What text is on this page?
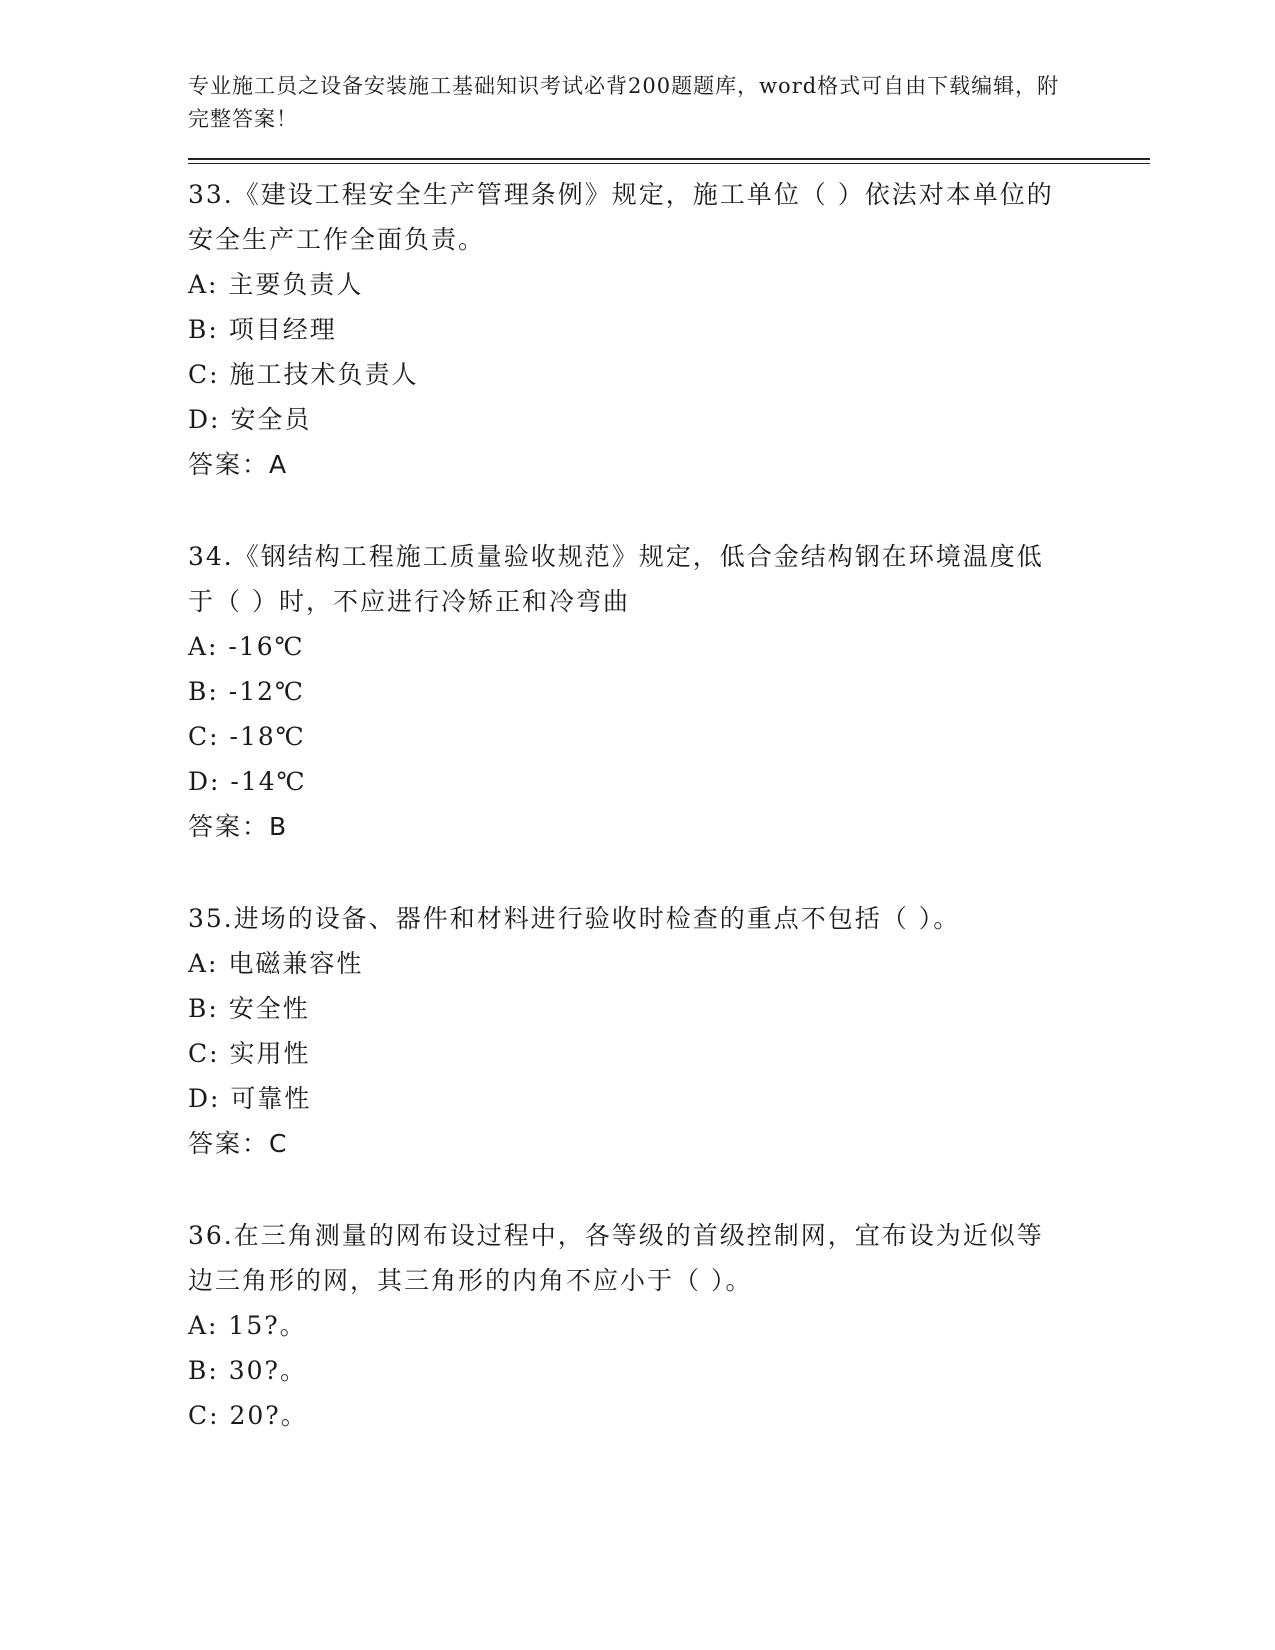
专业施工员之设备安装施工基础知识考试必背200题题库，word格式可自由下载编辑，附完整答案！
33.《建设工程安全生产管理条例》规定，施工单位（ ）依法对本单位的安全生产工作全面负责。
A: 主要负责人
B: 项目经理
C: 施工技术负责人
D: 安全员
答案：A
34.《钢结构工程施工质量验收规范》规定，低合金结构钢在环境温度低于（ ）时，不应进行冷矫正和冷弯曲
A: -16℃
B: -12℃
C: -18℃
D: -14℃
答案：B
35.进场的设备、器件和材料进行验收时检查的重点不包括（ ）。
A: 电磁兼容性
B: 安全性
C: 实用性
D: 可靠性
答案：C
36.在三角测量的网布设过程中，各等级的首级控制网，宜布设为近似等边三角形的网，其三角形的内角不应小于（ ）。
A: 15?。
B: 30?。
C: 20?。
